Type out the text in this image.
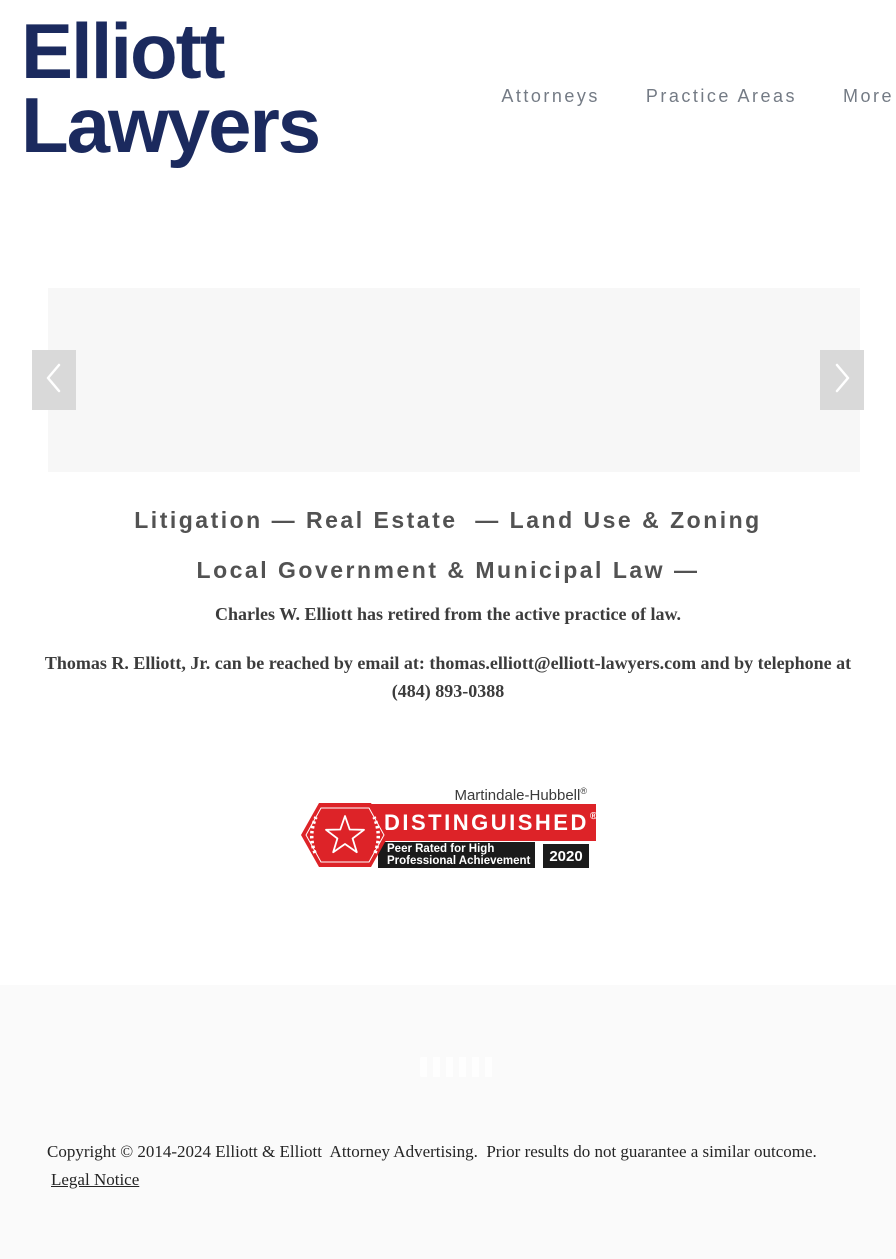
Elliott
Lawyers	Attorneys	Practice Areas	More
Litigation — Real Estate  — Land Use & Zoning
Local Government & Municipal Law —

Charles W. Elliott has retired from the active practice of law.

Thomas R. Elliott, Jr. can be reached by email at: thomas.elliott@elliott-lawyers.com and by telephone at (484) 893-0388

Martindale-Hubbell®
DISTINGUISHED®
Peer Rated for High
Professional Achievement	2020

Copyright © 2014-2024 Elliott & Elliott  Attorney Advertising.  Prior results do not guarantee a similar outcome.

Legal Notice
